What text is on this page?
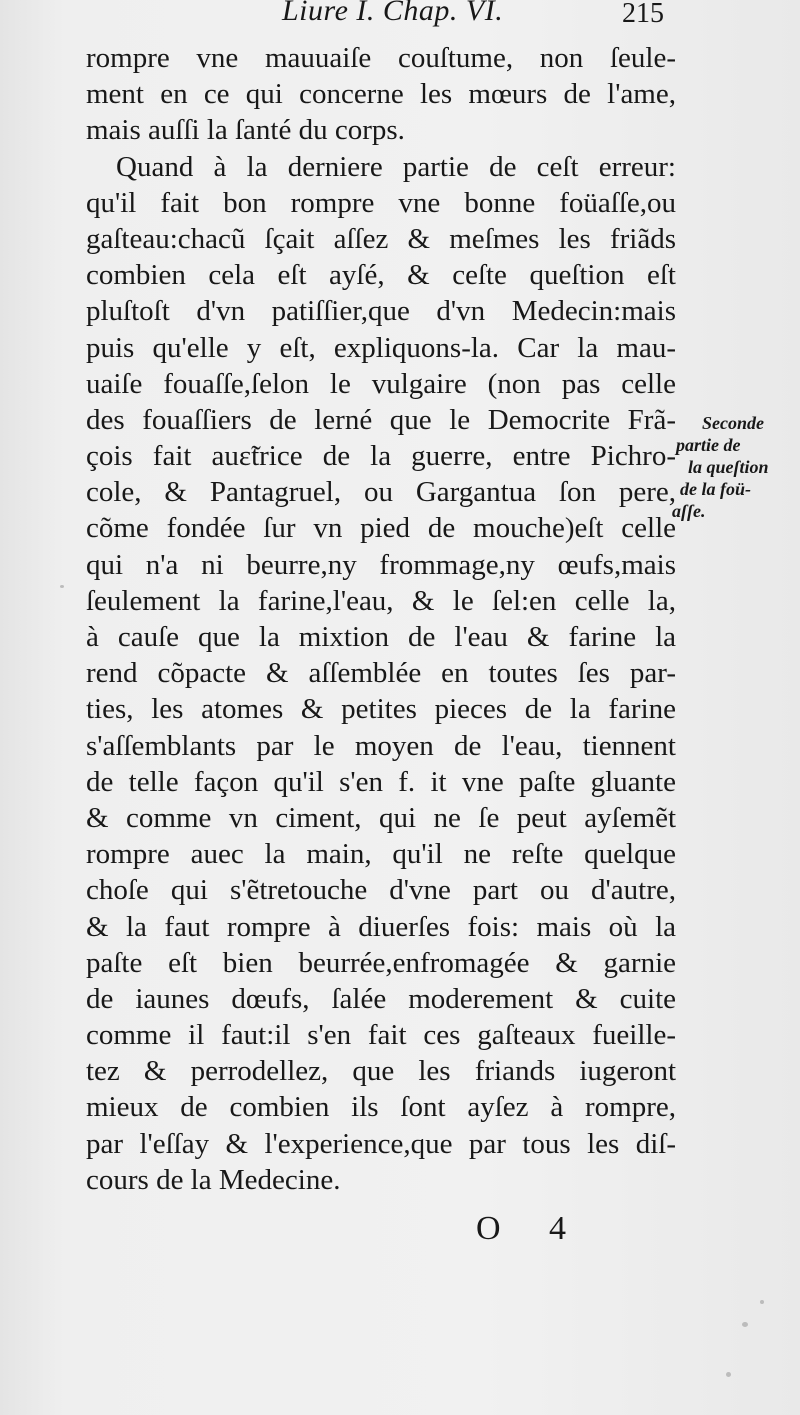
Liure I. Chap. VI.	215
rompre vne mauuaiſe couſtume, non ſeule-
ment en ce qui concerne les mœurs de l'ame,
mais auſſi la ſanté du corps.
Quand à la derniere partie de ceſt erreur:
qu'il fait bon rompre vne bonne foüaſſe,ou
gaſteau:chacũ ſçait aſſez & meſmes les friãds
combien cela eſt ayſé, & ceſte queſtion eſt
pluſtoſt d'vn patiſſier,que d'vn Medecin:mais
puis qu'elle y eſt, expliquons-la. Car la mau-
uaiſe fouaſſe,ſelon le vulgaire (non pas celle
des fouaſſiers de lerné que le Democrite Frã-
çois fait auɛ̃trice de la guerre, entre Pichro-
cole, & Pantagruel, ou Gargantua ſon pere,
cõme fondée ſur vn pied de mouche)eſt celle
qui n'a ni beurre,ny frommage,ny œufs,mais
ſeulement la farine,l'eau, & le ſel:en celle la,
à cauſe que la mixtion de l'eau & farine la
rend cõpacte & aſſemblée en toutes ſes par-
ties, les atomes & petites pieces de la farine
s'aſſemblants par le moyen de l'eau, tiennent
de telle façon qu'il s'en f. it vne paſte gluante
& comme vn ciment, qui ne ſe peut ayſemẽt
rompre auec la main, qu'il ne reſte quelque
choſe qui s'ẽtretouche d'vne part ou d'autre,
& la faut rompre à diuerſes fois: mais où la
paſte eſt bien beurrée,enfromagée & garnie
de iaunes dœufs, ſalée moderement & cuite
comme il faut:il s'en fait ces gaſteaux fueille-
tez & perrodellez, que les friands iugeront
mieux de combien ils ſont ayſez à rompre,
par l'eſſay & l'experience,que par tous les diſ-
cours de la Medecine.
Seconde
partie de
la queſtion
de la foü-
aſſe.
O 4
